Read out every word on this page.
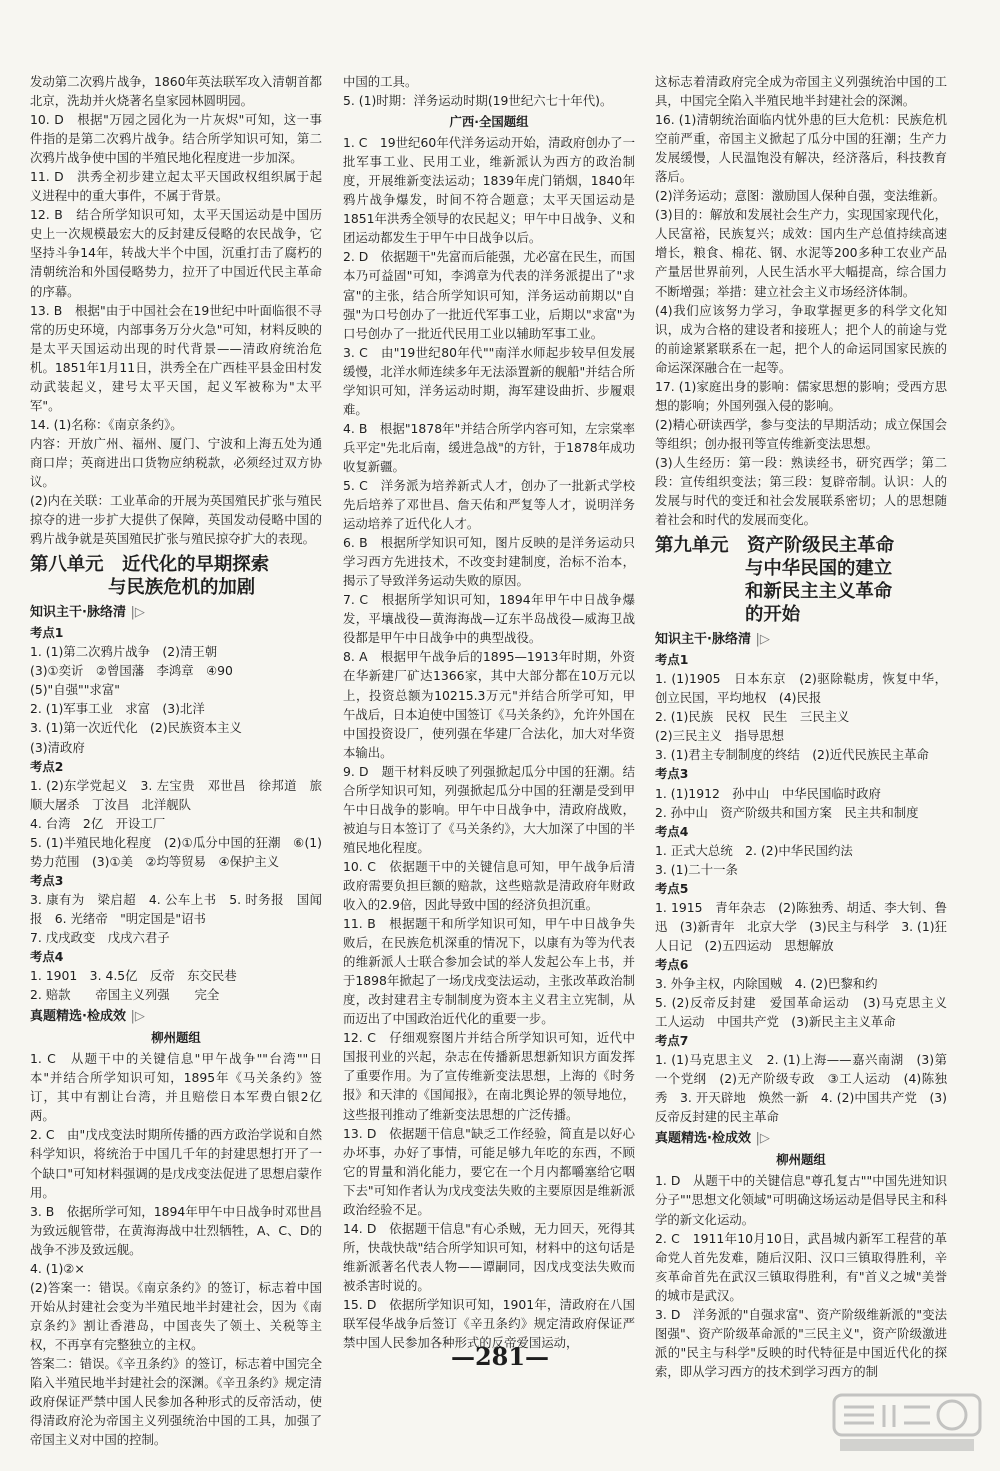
发动第二次鸦片战争，1860年英法联军攻入清朝首都北京，洗劫并火烧著名皇家园林圆明园。
10. D　根据"万园之园化为一片灰烬"可知，这一事件指的是第二次鸦片战争。结合所学知识可知，第二次鸦片战争使中国的半殖民地化程度进一步加深。
11. D　洪秀全初步建立起太平天国政权组织属于起义进程中的重大事件，不属于背景。
12. B　结合所学知识可知，太平天国运动是中国历史上一次规模最宏大的反封建反侵略的农民战争，它坚持斗争14年，转战大半个中国，沉重打击了腐朽的清朝统治和外国侵略势力，拉开了中国近代民主革命的序幕。
13. B　根据"由于中国社会在19世纪中叶面临很不寻常的历史环境，内部事务万分火急"可知，材料反映的是太平天国运动出现的时代背景——清政府统治危机。1851年1月11日，洪秀全在广西桂平县金田村发动武装起义，建号太平天国，起义军被称为"太平军"。
14. (1)名称：《南京条约》。
内容：开放广州、福州、厦门、宁波和上海五处为通商口岸；英商进出口货物应纳税款，必须经过双方协议。
(2)内在关联：工业革命的开展为英国殖民扩张与殖民掠夺的进一步扩大提供了保障，英国发动侵略中国的鸦片战争就是英国殖民扩张与殖民掠夺扩大的表现。

第八单元　近代化的早期探索
与民族危机的加剧
知识主干·脉络清 |▷

考点1
1. (1)第二次鸦片战争　(2)清王朝
(3)①奕䜣　②曾国藩　李鸿章　④90
(5)"自强""求富"
2. (1)军事工业　求富　(3)北洋
3. (1)第一次近代化　(2)民族资本主义
(3)清政府
考点2
1. (2)东学党起义　3. 左宝贵　邓世昌　徐邦道　旅顺大屠杀　丁汝昌　北洋舰队
4. 台湾　2亿　开设工厂
5. (1)半殖民地化程度　(2)①瓜分中国的狂潮　⑥(1)势力范围　(3)①美　②均等贸易　④保护主义
考点3
3. 康有为　梁启超　4. 公车上书　5. 时务报　国闻报　6. 光绪帝　"明定国是"诏书
7. 戊戌政变　戊戌六君子
考点4
1. 1901　3. 4.5亿　反帝　东交民巷
2. 赔款　　帝国主义列强　　完全

真题精选·检成效 |▷
柳州题组

1. C　从题干中的关键信息"甲午战争""台湾""日本"并结合所学知识可知，1895年《马关条约》签订，其中有割让台湾，并且赔偿日本军费白银2亿两。
2. C　由"戊戌变法时期所传播的西方政治学说和自然科学知识，将统治于中国几千年的封建思想打开了一个缺口"可知材料强调的是戊戌变法促进了思想启蒙作用。
3. B　依据所学可知，1894年甲午中日战争时邓世昌为致远舰管带，在黄海海战中壮烈牺牲，A、C、D的战争不涉及致远舰。
4. (1)②×
(2)答案一：错误。《南京条约》的签订，标志着中国开始从封建社会变为半殖民地半封建社会，因为《南京条约》割让香港岛，中国丧失了领土、关税等主权，不再享有完整独立的主权。
答案二：错误。《辛丑条约》的签订，标志着中国完全陷入半殖民地半封建社会的深渊。《辛丑条约》规定清政府保证严禁中国人民参加各种形式的反帝活动，使得清政府沦为帝国主义列强统治中国的工具，加强了帝国主义对中国的控制。

中国的工具。
5. (1)时期：洋务运动时期(19世纪六七十年代)。

广西·全国题组

1. C　19世纪60年代洋务运动开始，清政府创办了一批军事工业、民用工业，维新派认为西方的政治制度，开展维新变法运动；1839年虎门销烟，1840年鸦片战争爆发，时间不符合题意；太平天国运动是1851年洪秀全领导的农民起义；甲午中日战争、义和团运动都发生于甲午中日战争以后。
2. D　依据题干"先富而后能强，尤必富在民生，而国本乃可益固"可知，李鸿章为代表的洋务派提出了"求富"的主张，结合所学知识可知，洋务运动前期以"自强"为口号创办了一批近代军事工业，后期以"求富"为口号创办了一批近代民用工业以辅助军事工业。
3. C　由"19世纪80年代""南洋水师起步较早但发展缓慢，北洋水师连续多年无法添置新的舰船"并结合所学知识可知，洋务运动时期，海军建设曲折、步履艰难。
4. B　根据"1878年"并结合所学内容可知，左宗棠率兵平定"先北后南，缓进急战"的方针，于1878年成功收复新疆。
5. C　洋务派为培养新式人才，创办了一批新式学校先后培养了邓世昌、詹天佑和严复等人才，说明洋务运动培养了近代化人才。
6. B　根据所学知识可知，图片反映的是洋务运动只学习西方先进技术，不改变封建制度，治标不治本，揭示了导致洋务运动失败的原因。
7. C　根据所学知识可知，1894年甲午中日战争爆发，平壤战役—黄海海战—辽东半岛战役—威海卫战役都是甲午中日战争中的典型战役。
8. A　根据甲午战争后的1895—1913年时期，外资在华新建厂矿达1366家，其中大部分都在10万元以上，投资总额为10215.3万元"并结合所学可知，甲午战后，日本迫使中国签订《马关条约》，允许外国在中国投资设厂，使列强在华建厂合法化，加大对华资本输出。
9. D　题干材料反映了列强掀起瓜分中国的狂潮。结合所学知识可知，列强掀起瓜分中国的狂潮是受到甲午中日战争的影响。甲午中日战争中，清政府战败，被迫与日本签订了《马关条约》，大大加深了中国的半殖民地化程度。
10. C　依据题干中的关键信息可知，甲午战争后清政府需要负担巨额的赔款，这些赔款是清政府年财政收入的2.9倍，因此导致中国的经济负担沉重。
11. B　根据题干和所学知识可知，甲午中日战争失败后，在民族危机深重的情况下，以康有为等为代表的维新派人士联合参加会试的举人发起公车上书，并于1898年掀起了一场戊戌变法运动，主张改革政治制度，改封建君主专制制度为资本主义君主立宪制，从而迈出了中国政治近代化的重要一步。
12. C　仔细观察图片并结合所学知识可知，近代中国报刊业的兴起，杂志在传播新思想新知识方面发挥了重要作用。为了宣传维新变法思想，上海的《时务报》和天津的《国闻报》，在南北舆论界的领导地位，这些报刊推动了维新变法思想的广泛传播。
13. D　依据题干信息"缺乏工作经验，简直是以好心办坏事，办好了事情，可能足够九年吃的东西，不顾它的胃量和消化能力，要它在一个月内都嚼塞给它咽下去"可知作者认为戊戌变法失败的主要原因是维新派政治经验不足。
14. D　依据题干信息"有心杀贼，无力回天，死得其所，快哉快哉"结合所学知识可知，材料中的这句话是维新派著名代表人物——谭嗣同，因戊戌变法失败而被杀害时说的。
15. D　依据所学知识可知，1901年，清政府在八国联军侵华战争后签订《辛丑条约》规定清政府保证严禁中国人民参加各种形式的反帝爱国运动，

这标志着清政府完全成为帝国主义列强统治中国的工具，中国完全陷入半殖民地半封建社会的深渊。
16. (1)清朝统治面临内忧外患的巨大危机：民族危机空前严重，帝国主义掀起了瓜分中国的狂潮；生产力发展缓慢，人民温饱没有解决，经济落后，科技教育落后。
(2)洋务运动；意图：激励国人保种自强，变法维新。
(3)目的：解放和发展社会生产力，实现国家现代化，人民富裕，民族复兴；成效：国内生产总值持续高速增长，粮食、棉花、钢、水泥等200多种工农业产品产量居世界前列，人民生活水平大幅提高，综合国力不断增强；举措：建立社会主义市场经济体制。
(4)我们应该努力学习，争取掌握更多的科学文化知识，成为合格的建设者和接班人；把个人的前途与党的前途紧紧联系在一起，把个人的命运同国家民族的命运深深融合在一起等。
17. (1)家庭出身的影响：儒家思想的影响；受西方思想的影响；外国列强入侵的影响。
(2)精心研读西学，参与变法的早期活动；成立保国会等组织；创办报刊等宣传维新变法思想。
(3)人生经历：第一段：熟读经书，研究西学；第二段：宣传组织变法；第三段：复辟帝制。认识：人的发展与时代的变迁和社会发展联系密切；人的思想随着社会和时代的发展而变化。

第九单元　资产阶级民主革命
与中华民国的建立
和新民主主义革命
的开始
知识主干·脉络清 |▷

考点1
1. (1)1905　日本东京　(2)驱除鞑虏，恢复中华，创立民国，平均地权　(4)民报
2. (1)民族　民权　民生　三民主义
(2)三民主义　指导思想
3. (1)君主专制制度的终结　(2)近代民族民主革命
考点3
1. (1)1912　孙中山　中华民国临时政府
2. 孙中山　资产阶级共和国方案　民主共和制度
考点4
1. 正式大总统　2. (2)中华民国约法
3. (1)二十一条
考点5
1. 1915　青年杂志　(2)陈独秀、胡适、李大钊、鲁迅　(3)新青年　北京大学　(3)民主与科学　3. (1)狂人日记　(2)五四运动　思想解放
考点6
3. 外争主权，内除国贼　4. (2)巴黎和约
5. (2)反帝反封建　爱国革命运动　(3)马克思主义　工人运动　中国共产党　(3)新民主主义革命
考点7
1. (1)马克思主义　2. (1)上海——嘉兴南湖　(3)第一个党纲　(2)无产阶级专政　③工人运动　(4)陈独秀　3. 开天辟地　焕然一新　4. (2)中国共产党　(3)反帝反封建的民主革命

真题精选·检成效 |▷
柳州题组

1. D　从题干中的关键信息"尊孔复古""中国先进知识分子""思想文化领域"可明确这场运动是倡导民主和科学的新文化运动。
2. C　1911年10月10日，武昌城内新军工程营的革命党人首先发难，随后汉阳、汉口三镇取得胜利，辛亥革命首先在武汉三镇取得胜利，有"首义之城"美誉的城市是武汉。
3. D　洋务派的"自强求富"、资产阶级维新派的"变法图强"、资产阶级革命派的"三民主义"，资产阶级激进派的"民主与科学"反映的时代特征是中国近代化的探索，即从学习西方的技术到学习西方的制

—281—
